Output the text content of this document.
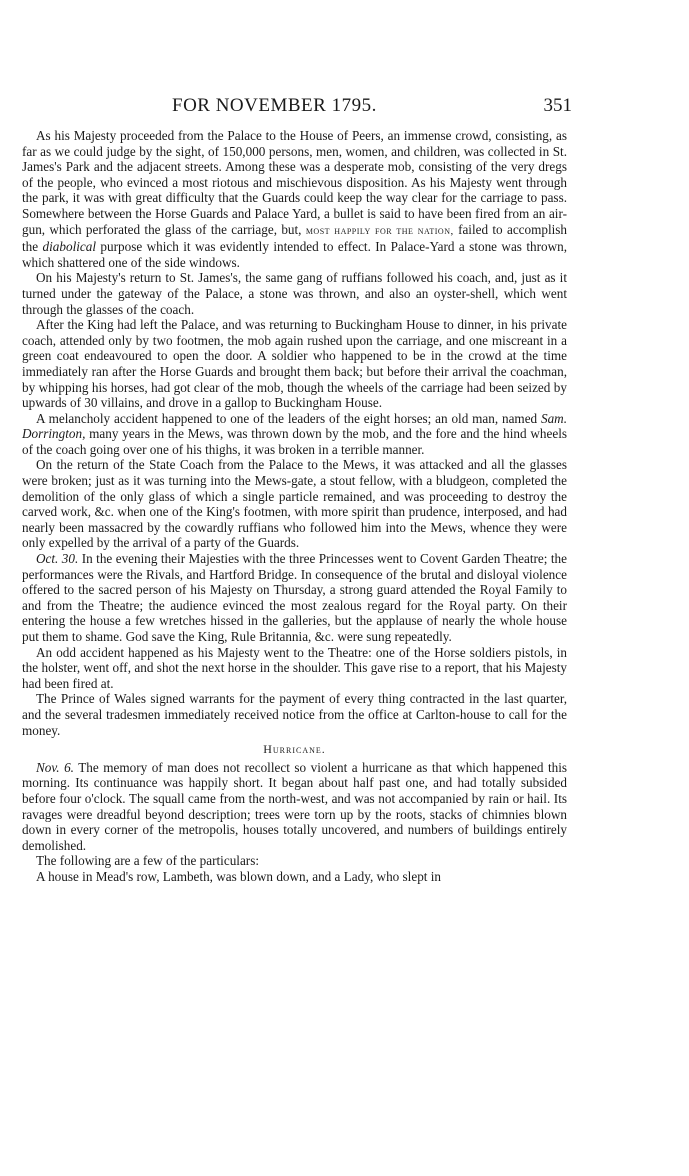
FOR NOVEMBER 1795.	351

As his Majesty proceeded from the Palace to the House of Peers, an immense crowd, consisting, as far as we could judge by the sight, of 150,000 persons, men, women, and children, was collected in St. James's Park and the adjacent streets. Among these was a desperate mob, consisting of the very dregs of the people, who evinced a most riotous and mischievous disposition. As his Majesty went through the park, it was with great difficulty that the Guards could keep the way clear for the carriage to pass. Somewhere between the Horse Guards and Palace Yard, a bullet is said to have been fired from an air-gun, which perforated the glass of the carriage, but, most happily for the nation, failed to accomplish the diabolical purpose which it was evidently intended to effect. In Palace-Yard a stone was thrown, which shattered one of the side windows.

On his Majesty's return to St. James's, the same gang of ruffians followed his coach, and, just as it turned under the gateway of the Palace, a stone was thrown, and also an oyster-shell, which went through the glasses of the coach.

After the King had left the Palace, and was returning to Buckingham House to dinner, in his private coach, attended only by two footmen, the mob again rushed upon the carriage, and one miscreant in a green coat endeavoured to open the door. A soldier who happened to be in the crowd at the time immediately ran after the Horse Guards and brought them back; but before their arrival the coachman, by whipping his horses, had got clear of the mob, though the wheels of the carriage had been seized by upwards of 30 villains, and drove in a gallop to Buckingham House.

A melancholy accident happened to one of the leaders of the eight horses; an old man, named Sam. Dorrington, many years in the Mews, was thrown down by the mob, and the fore and the hind wheels of the coach going over one of his thighs, it was broken in a terrible manner.

On the return of the State Coach from the Palace to the Mews, it was attacked and all the glasses were broken; just as it was turning into the Mews-gate, a stout fellow, with a bludgeon, completed the demolition of the only glass of which a single particle remained, and was proceeding to destroy the carved work, &c. when one of the King's footmen, with more spirit than prudence, interposed, and had nearly been massacred by the cowardly ruffians who followed him into the Mews, whence they were only expelled by the arrival of a party of the Guards.

Oct. 30. In the evening their Majesties with the three Princesses went to Covent Garden Theatre; the performances were the Rivals, and Hartford Bridge. In consequence of the brutal and disloyal violence offered to the sacred person of his Majesty on Thursday, a strong guard attended the Royal Family to and from the Theatre; the audience evinced the most zealous regard for the Royal party. On their entering the house a few wretches hissed in the galleries, but the applause of nearly the whole house put them to shame. God save the King, Rule Britannia, &c. were sung repeatedly.

An odd accident happened as his Majesty went to the Theatre: one of the Horse soldiers pistols, in the holster, went off, and shot the next horse in the shoulder. This gave rise to a report, that his Majesty had been fired at.

The Prince of Wales signed warrants for the payment of every thing contracted in the last quarter, and the several tradesmen immediately received notice from the office at Carlton-house to call for the money.

Hurricane.

Nov. 6. The memory of man does not recollect so violent a hurricane as that which happened this morning. Its continuance was happily short. It began about half past one, and had totally subsided before four o'clock. The squall came from the north-west, and was not accompanied by rain or hail. Its ravages were dreadful beyond description; trees were torn up by the roots, stacks of chimnies blown down in every corner of the metropolis, houses totally uncovered, and numbers of buildings entirely demolished.

The following are a few of the particulars:

A house in Mead's row, Lambeth, was blown down, and a Lady, who slept in
